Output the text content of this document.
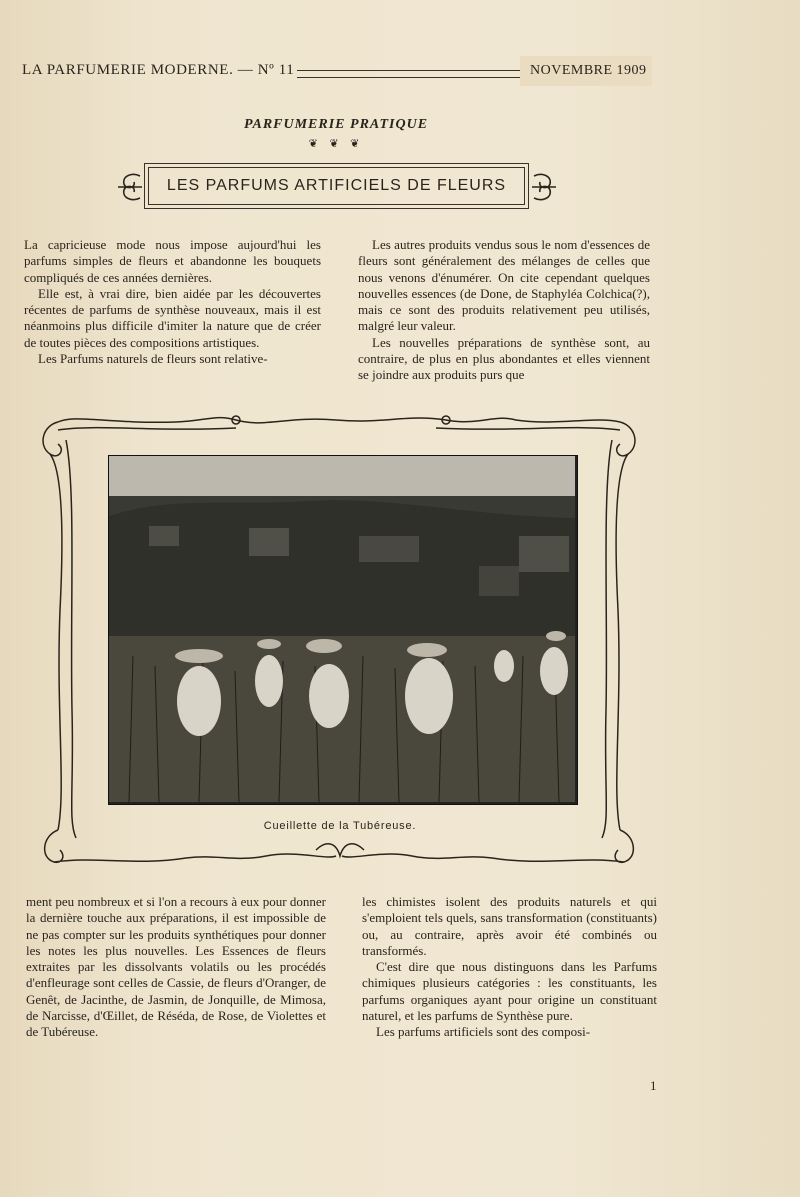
LA PARFUMERIE MODERNE. — Nº 11	NOVEMBRE 1909
PARFUMERIE PRATIQUE
❦ ❦ ❦
LES PARFUMS ARTIFICIELS DE FLEURS

La capricieuse mode nous impose aujourd'hui les parfums simples de fleurs et abandonne les bouquets compliqués de ces années dernières.

Elle est, à vrai dire, bien aidée par les découvertes récentes de parfums de synthèse nouveaux, mais il est néanmoins plus difficile d'imiter la nature que de créer de toutes pièces des compositions artistiques.

Les Parfums naturels de fleurs sont relative-

Les autres produits vendus sous le nom d'essences de fleurs sont généralement des mélanges de celles que nous venons d'énumérer. On cite cependant quelques nouvelles essences (de Done, de Staphyléa Colchica(?), mais ce sont des produits relativement peu utilisés, malgré leur valeur.

Les nouvelles préparations de synthèse sont, au contraire, de plus en plus abondantes et elles viennent se joindre aux produits purs que

Cueillette de la Tubéreuse.

ment peu nombreux et si l'on a recours à eux pour donner la dernière touche aux préparations, il est impossible de ne pas compter sur les produits synthétiques pour donner les notes les plus nouvelles. Les Essences de fleurs extraites par les dissolvants volatils ou les procédés d'enfleurage sont celles de Cassie, de fleurs d'Oranger, de Genêt, de Jacinthe, de Jasmin, de Jonquille, de Mimosa, de Narcisse, d'Œillet, de Réséda, de Rose, de Violettes et de Tubéreuse.

les chimistes isolent des produits naturels et qui s'emploient tels quels, sans transformation (constituants) ou, au contraire, après avoir été combinés ou transformés.

C'est dire que nous distinguons dans les Parfums chimiques plusieurs catégories : les constituants, les parfums organiques ayant pour origine un constituant naturel, et les parfums de Synthèse pure.

Les parfums artificiels sont des composi-

1
